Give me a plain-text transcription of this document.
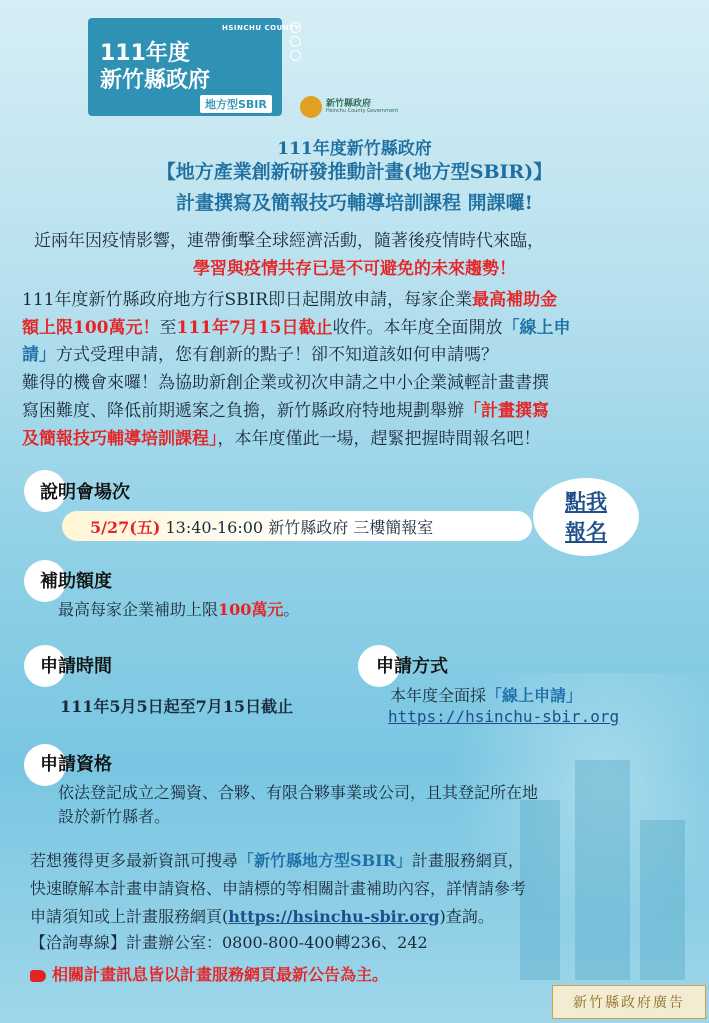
HSINCHU COUNTY
111年度
新竹縣政府
地方型SBIR	新竹縣政府
Hsinchu County Government
111年度新竹縣政府
【地方產業創新研發推動計畫(地方型SBIR)】
計畫撰寫及簡報技巧輔導培訓課程 開課囉!
近兩年因疫情影響，連帶衝擊全球經濟活動，隨著後疫情時代來臨，
學習與疫情共存已是不可避免的未來趨勢！
111年度新竹縣政府地方行SBIR即日起開放申請，每家企業最高補助金
額上限100萬元！至111年7月15日截止收件。本年度全面開放「線上申
請」方式受理申請，您有創新的點子！卻不知道該如何申請嗎？
難得的機會來囉！為協助新創企業或初次申請之中小企業減輕計畫書撰
寫困難度、降低前期遞案之負擔，新竹縣政府特地規劃舉辦「計畫撰寫
及簡報技巧輔導培訓課程」，本年度僅此一場，趕緊把握時間報名吧！
說明會場次
5/27(五) 13:40-16:00 新竹縣政府 三樓簡報室
點我
報名
補助額度
最高每家企業補助上限100萬元。
申請時間
111年5月5日起至7月15日截止
申請方式
本年度全面採「線上申請」
https://hsinchu-sbir.org
申請資格
依法登記成立之獨資、合夥、有限合夥事業或公司，且其登記所在地
設於新竹縣者。
若想獲得更多最新資訊可搜尋「新竹縣地方型SBIR」計畫服務網頁，
快速瞭解本計畫申請資格、申請標的等相關計畫補助內容，詳情請參考
申請須知或上計畫服務網頁(https://hsinchu-sbir.org)查詢。
【洽詢專線】計畫辦公室：0800-800-400轉236、242
相關計畫訊息皆以計畫服務網頁最新公告為主。
新竹縣政府廣告
